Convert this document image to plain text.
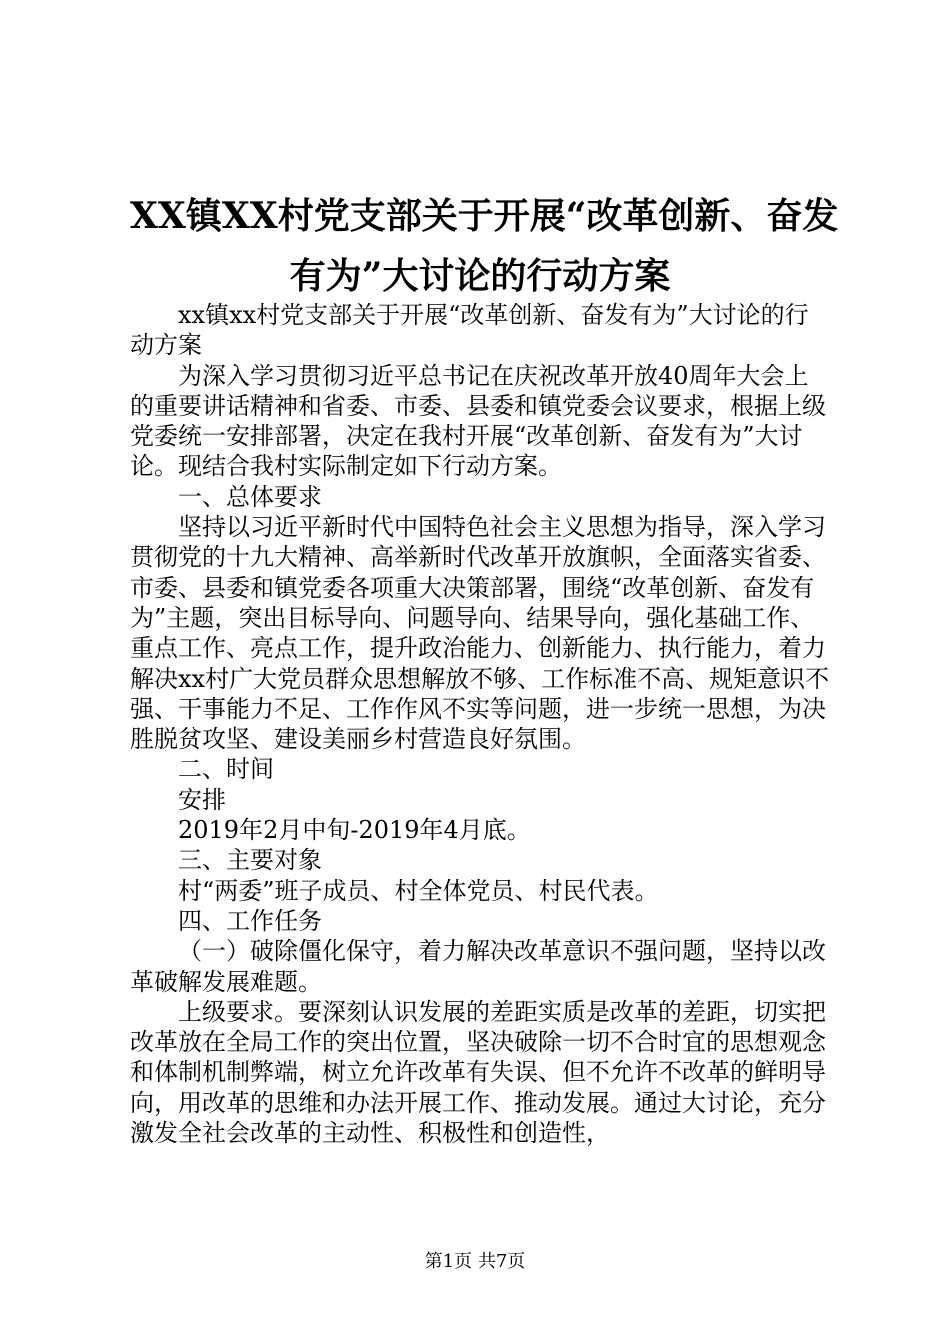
XX镇XX村党支部关于开展“改革创新、奋发
有为”大讨论的行动方案

xx镇xx村党支部关于开展“改革创新、奋发有为”大讨论的行动方案

为深入学习贯彻习近平总书记在庆祝改革开放40周年大会上的重要讲话精神和省委、市委、县委和镇党委会议要求，根据上级党委统一安排部署，决定在我村开展“改革创新、奋发有为”大讨论。现结合我村实际制定如下行动方案。

一、总体要求

坚持以习近平新时代中国特色社会主义思想为指导，深入学习贯彻党的十九大精神、高举新时代改革开放旗帜，全面落实省委、市委、县委和镇党委各项重大决策部署，围绕“改革创新、奋发有为”主题，突出目标导向、问题导向、结果导向，强化基础工作、重点工作、亮点工作，提升政治能力、创新能力、执行能力，着力解决xx村广大党员群众思想解放不够、工作标准不高、规矩意识不强、干事能力不足、工作作风不实等问题，进一步统一思想，为决胜脱贫攻坚、建设美丽乡村营造良好氛围。

二、时间

安排

2019年2月中旬-2019年4月底。

三、主要对象

村“两委”班子成员、村全体党员、村民代表。

四、工作任务

（一）破除僵化保守，着力解决改革意识不强问题，坚持以改革破解发展难题。

上级要求。要深刻认识发展的差距实质是改革的差距，切实把改革放在全局工作的突出位置，坚决破除一切不合时宜的思想观念和体制机制弊端，树立允许改革有失误、但不允许不改革的鲜明导向，用改革的思维和办法开展工作、推动发展。通过大讨论，充分激发全社会改革的主动性、积极性和创造性，

第1页 共7页
